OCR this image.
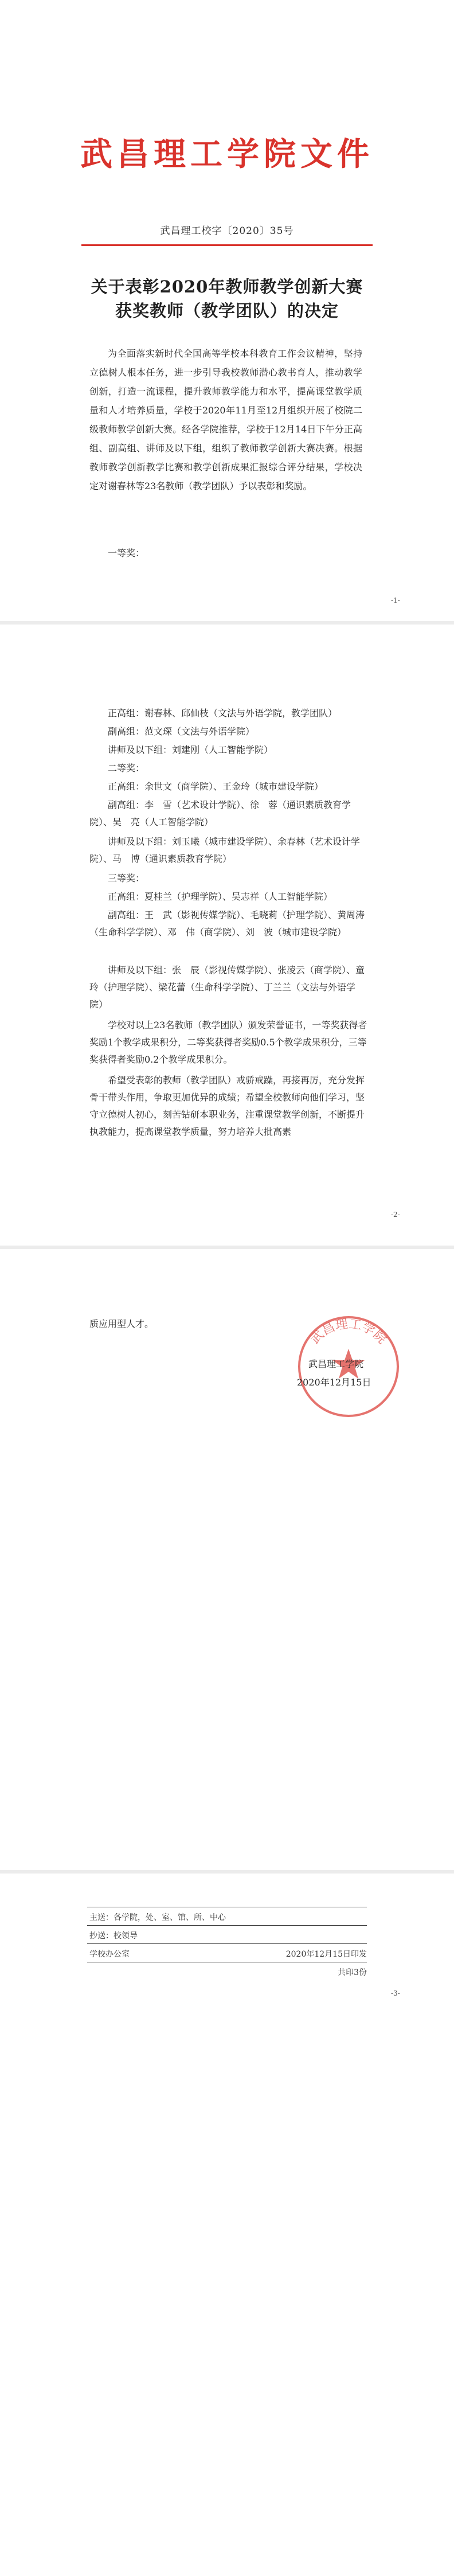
武昌理工学院文件
武昌理工校字〔2020〕35号
关于表彰2020年教师教学创新大赛
获奖教师（教学团队）的决定
为全面落实新时代全国高等学校本科教育工作会议精神，坚持立德树人根本任务，进一步引导我校教师潜心教书育人，推动教学创新，打造一流课程，提升教师教学能力和水平，提高课堂教学质量和人才培养质量，学校于2020年11月至12月组织开展了校院二级教师教学创新大赛。经各学院推荐，学校于12月14日下午分正高组、副高组、讲师及以下组，组织了教师教学创新大赛决赛。根据教师教学创新教学比赛和教学创新成果汇报综合评分结果，学校决定对谢春林等23名教师（教学团队）予以表彰和奖励。
一等奖：
-1-
正高组：谢春林、邱仙枝（文法与外语学院，教学团队）
副高组：范文琛（文法与外语学院）
讲师及以下组：刘建刚（人工智能学院）
二等奖：
正高组：余世文（商学院）、王金玲（城市建设学院）
副高组：李　雪（艺术设计学院）、徐　蓉（通识素质教育学院）、吴　亮（人工智能学院）
讲师及以下组：刘玉曦（城市建设学院）、余春林（艺术设计学院）、马　博（通识素质教育学院）
三等奖：
正高组：夏桂兰（护理学院）、吴志祥（人工智能学院）
副高组：王　武（影视传媒学院）、毛晓莉（护理学院）、黄周涛（生命科学学院）、邓　伟（商学院）、刘　波（城市建设学院）
讲师及以下组：张　辰（影视传媒学院）、张凌云（商学院）、童　玲（护理学院）、梁花蕾（生命科学学院）、丁兰兰（文法与外语学院）
学校对以上23名教师（教学团队）颁发荣誉证书，一等奖获得者奖励1个教学成果积分，二等奖获得者奖励0.5个教学成果积分，三等奖获得者奖励0.2个教学成果积分。
希望受表彰的教师（教学团队）戒骄戒躁，再接再厉，充分发挥骨干带头作用，争取更加优异的成绩；希望全校教师向他们学习，坚守立德树人初心，刻苦钻研本职业务，注重课堂教学创新，不断提升执教能力，提高课堂教学质量，努力培养大批高素
-2-
质应用型人才。
武昌理工学院
武昌理工学院
2020年12月15日
主送：各学院，处、室、馆、所、中心
抄送：校领导
学校办公室	2020年12月15日印发
共印3份
-3-
